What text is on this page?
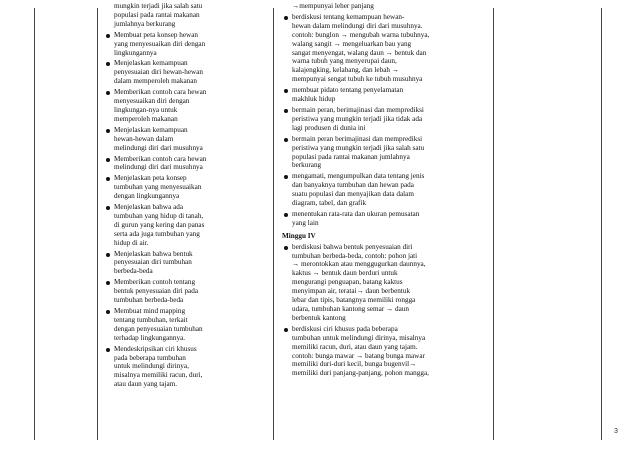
mungkin terjadi jika salah satu
populasi pada rantai makanan
jumlahnya berkurang
Membuat peta konsep hewan
yang menyesuaikan diri dengan
lingkungannya
Menjelaskan kemampuan
penyesuaian diri hewan-hewan
dalam memperoleh makanan
Memberikan contoh cara hewan
menyesuaikan diri dengan
lingkungan-nya untuk
memperoleh makanan
Menjelaskan kemampuan
hewan-hewan dalam
melindungi diri dari musuhnya
Memberikan contoh cara hewan
melindungi diri dari musuhnya
Menjelaskan peta konsep
tumbuhan yang menyesuaikan
dengan lingkungannya
Menjelaskan bahwa ada
tumbuhan yang hidup di tanah,
di gurun yang kering dan panas
serta ada juga tumbuhan yang
hidup di air.
Menjelaskan bahwa bentuk
penyesuaian diri tumbuhan
berbeda-beda
Memberikan contoh tentang
bentuk penyesuaian diri pada
tumbuhan berbeda-beda
Membuat mind mapping
tentang tumbuhan, terkait
dengan penyesuaian tumbuhan
terhadap lingkungannya.
Mendeskripsikan ciri khusus
pada beberapa tumbuhan
untuk melindungi dirinya,
misalnya memiliki racun, duri,
atau daun yang tajam.
→mempunyai leher panjang
berdiskusi tentang kemampuan hewan-
hewan dalam melindungi diri dari musuhnya.
contoh: bunglon → mengubah warna tubuhnya,
walang sangit → mengeluarkan bau yang
sangat menyengat, walang daun → bentuk dan
warna tubuh yang menyerupai daun,
kalajengking, kelabang, dan lebah →
mempunyai sengat tubuh ke tubuh musuhnya
membuat pidato tentang penyelamatan
makhluk hidup
bermain peran, berimajinasi dan memprediksi
peristiwa yang mungkin terjadi jika tidak ada
lagi produsen di dunia ini
bermain peran berimajinasi dan memprediksi
peristiwa yang mungkin terjadi jika salah satu
populasi pada rantai makanan jumlahnya
berkurang
mengamati, mengumpulkan data tentang jenis
dan banyaknya tumbuhan dan hewan pada
suatu populasi dan menyajikan data dalam
diagram, tabel, dan grafik
menentukan rata-rata dan ukuran pemusatan
yang lain
Minggu IV
berdiskusi bahwa bentuk penyesuaian diri
tumbuhan berbeda-beda, contoh: pohon jati
→ merontokkan atau menggugurkan daunnya,
kaktus → bentuk daun berduri untuk
mengurangi penguapan, batang kaktus
menyimpan air, teratai→ daun berbentuk
lebar dan tipis, batangnya memiliki rongga
udara, tumbuhan kantong semar → daun
berbentuk kantong
berdiskusi ciri khusus pada beberapa
tumbuhan untuk melindungi dirinya, misalnya
memiliki racun, duri, atau daun yang tajam.
contoh: bunga mawar → batang bunga mawar
memiliki duri-duri kecil, bunga bugenvil→
memiliki duri panjang-panjang, pohon mangga,
3
